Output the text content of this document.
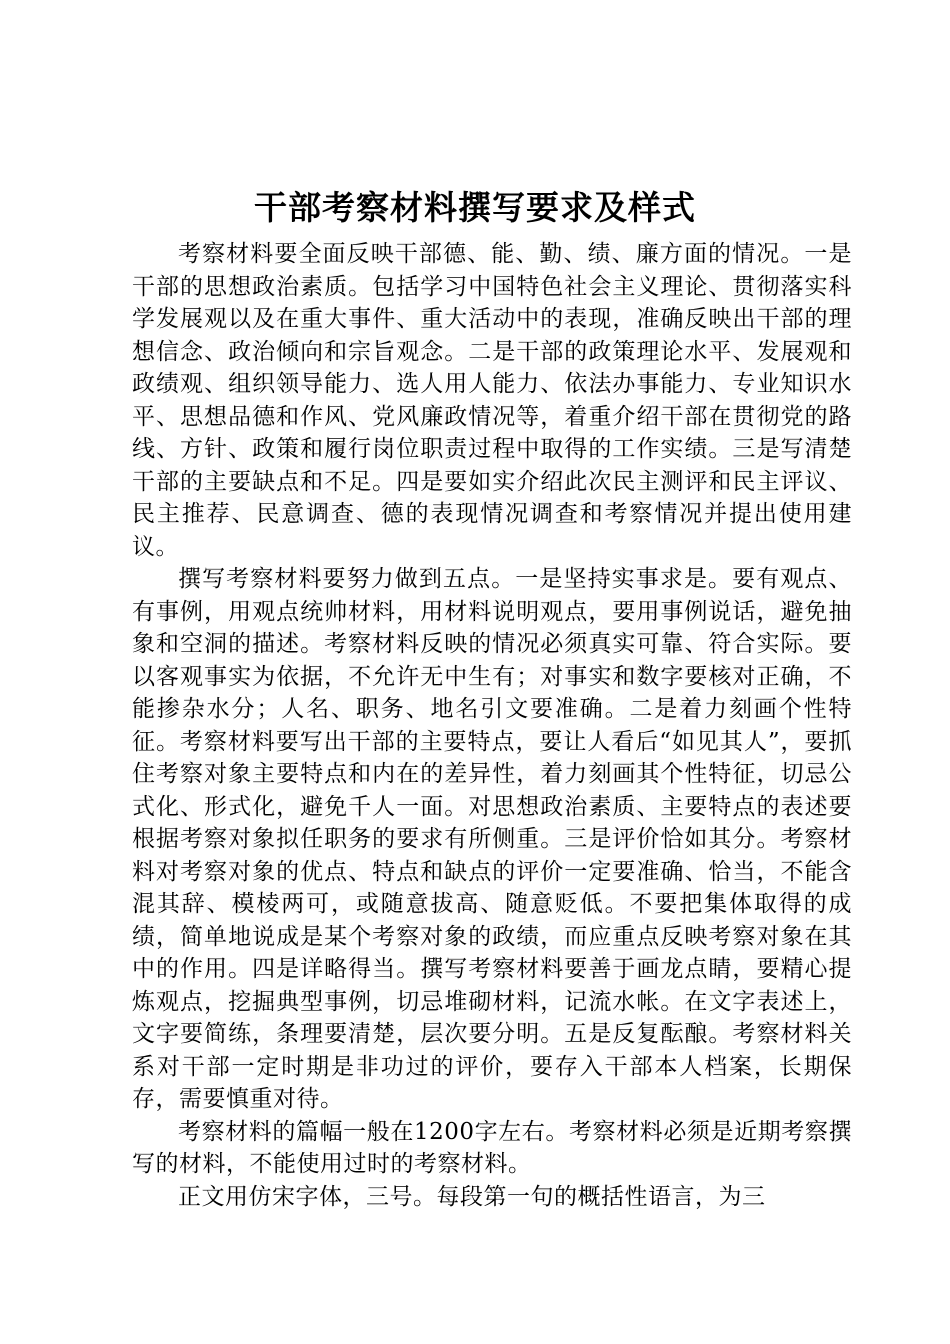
干部考察材料撰写要求及样式

考察材料要全面反映干部德、能、勤、绩、廉方面的情况。一是干部的思想政治素质。包括学习中国特色社会主义理论、贯彻落实科学发展观以及在重大事件、重大活动中的表现，准确反映出干部的理想信念、政治倾向和宗旨观念。二是干部的政策理论水平、发展观和政绩观、组织领导能力、选人用人能力、依法办事能力、专业知识水平、思想品德和作风、党风廉政情况等，着重介绍干部在贯彻党的路线、方针、政策和履行岗位职责过程中取得的工作实绩。三是写清楚干部的主要缺点和不足。四是要如实介绍此次民主测评和民主评议、民主推荐、民意调查、德的表现情况调查和考察情况并提出使用建议。

撰写考察材料要努力做到五点。一是坚持实事求是。要有观点、有事例，用观点统帅材料，用材料说明观点，要用事例说话，避免抽象和空洞的描述。考察材料反映的情况必须真实可靠、符合实际。要以客观事实为依据，不允许无中生有；对事实和数字要核对正确，不能掺杂水分；人名、职务、地名引文要准确。二是着力刻画个性特征。考察材料要写出干部的主要特点，要让人看后“如见其人”，要抓住考察对象主要特点和内在的差异性，着力刻画其个性特征，切忌公式化、形式化，避免千人一面。对思想政治素质、主要特点的表述要根据考察对象拟任职务的要求有所侧重。三是评价恰如其分。考察材料对考察对象的优点、特点和缺点的评价一定要准确、恰当，不能含混其辞、模棱两可，或随意拔高、随意贬低。不要把集体取得的成绩，简单地说成是某个考察对象的政绩，而应重点反映考察对象在其中的作用。四是详略得当。撰写考察材料要善于画龙点睛，要精心提炼观点，挖掘典型事例，切忌堆砌材料，记流水帐。在文字表述上，文字要简练，条理要清楚，层次要分明。五是反复酝酿。考察材料关系对干部一定时期是非功过的评价，要存入干部本人档案，长期保存，需要慎重对待。

考察材料的篇幅一般在1200字左右。考察材料必须是近期考察撰写的材料，不能使用过时的考察材料。

正文用仿宋字体，三号。每段第一句的概括性语言，为三
